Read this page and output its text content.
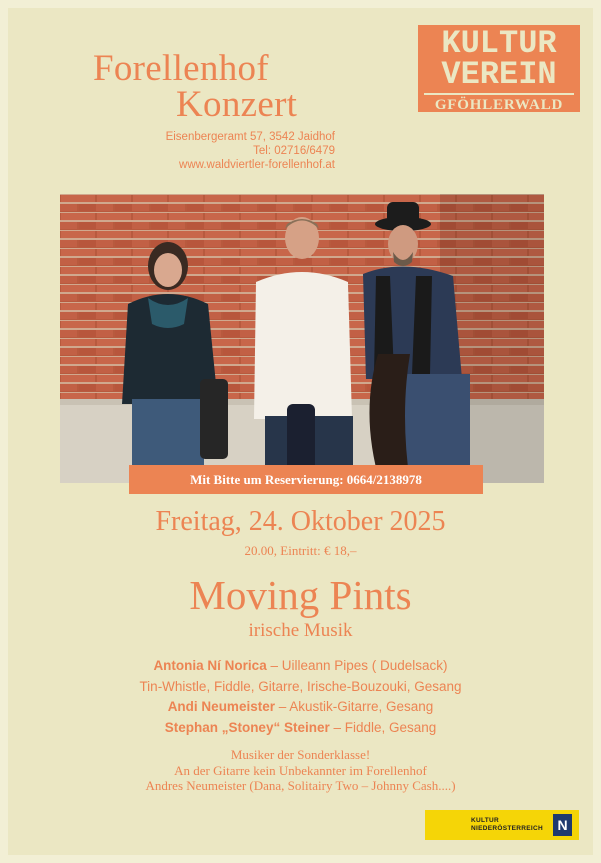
Forellenhof
Konzert
Eisenbergeramt 57, 3542 Jaidhof
Tel: 02716/6479
www.waldviertler-forellenhof.at
KULTUR
VEREIN
GFÖHLERWALD
Mit Bitte um Reservierung: 0664/2138978
Freitag, 24. Oktober 2025
20.00, Eintritt: € 18,–
Moving Pints
irische Musik
Antonia Ní Norica – Uilleann Pipes ( Dudelsack)
Tin-Whistle, Fiddle, Gitarre, Irische-Bouzouki, Gesang
Andi Neumeister – Akustik-Gitarre, Gesang
Stephan „Stoney“ Steiner – Fiddle, Gesang
Musiker der Sonderklasse!
An der Gitarre kein Unbekannter im Forellenhof
Andres Neumeister (Dana, Solitairy Two – Johnny Cash....)
KULTUR
NIEDERÖSTERREICH	N
